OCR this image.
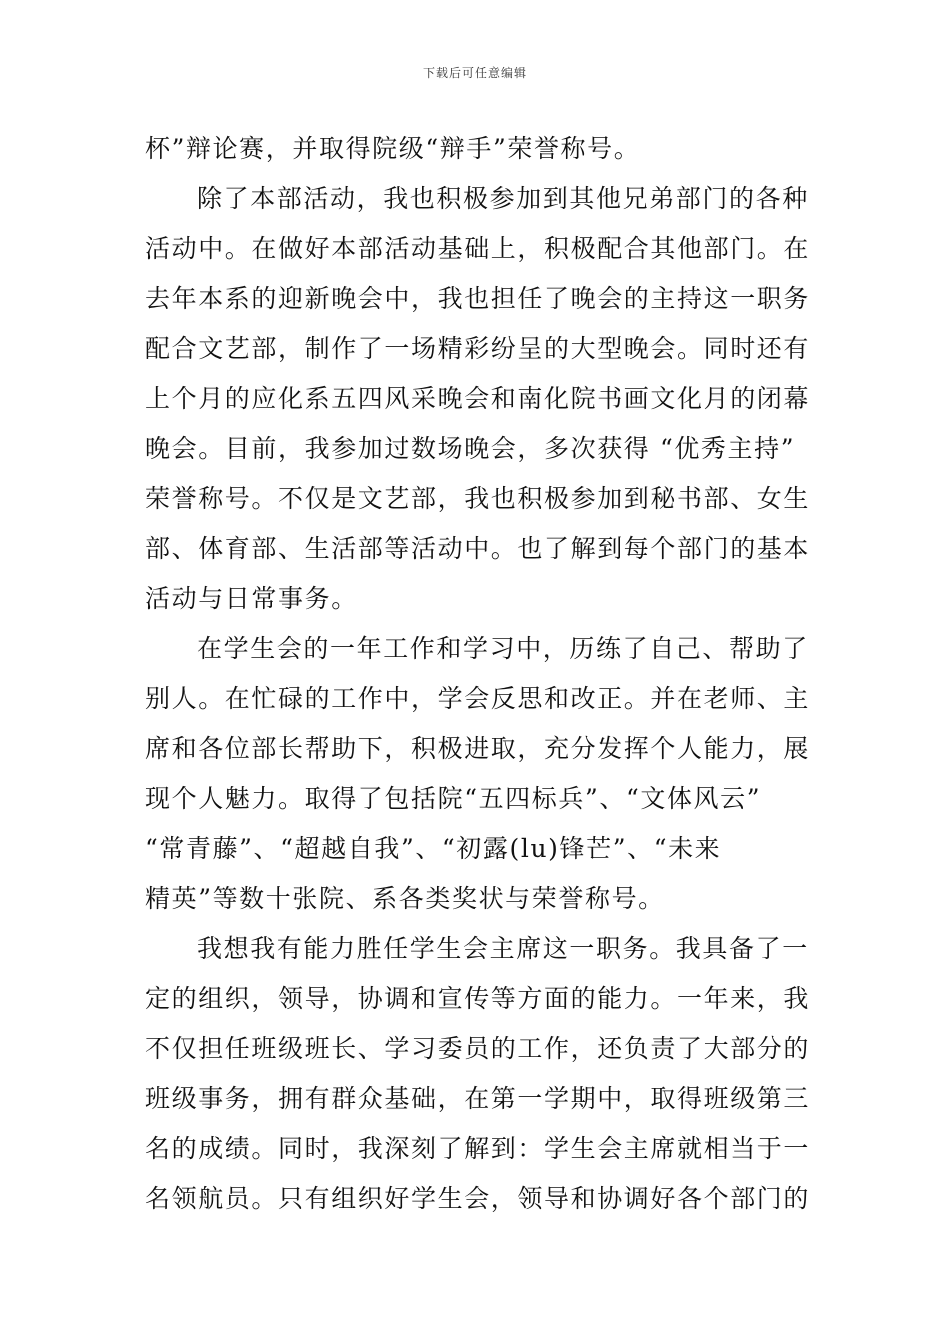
下载后可任意编辑
杯”辩论赛，并取得院级“辩手”荣誉称号。
除了本部活动，我也积极参加到其他兄弟部门的各种
活动中。在做好本部活动基础上，积极配合其他部门。在
去年本系的迎新晚会中，我也担任了晚会的主持这一职务
配合文艺部，制作了一场精彩纷呈的大型晚会。同时还有
上个月的应化系五四风采晚会和南化院书画文化月的闭幕
晚会。目前，我参加过数场晚会，多次获得 “优秀主持”
荣誉称号。不仅是文艺部，我也积极参加到秘书部、女生
部、体育部、生活部等活动中。也了解到每个部门的基本
活动与日常事务。
在学生会的一年工作和学习中，历练了自己、帮助了
别人。在忙碌的工作中，学会反思和改正。并在老师、主
席和各位部长帮助下，积极进取，充分发挥个人能力，展
现个人魅力。取得了包括院“五四标兵”、“文体风云”
“常青藤”、“超越自我”、“初露(lu)锋芒”、“未来
精英”等数十张院、系各类奖状与荣誉称号。
我想我有能力胜任学生会主席这一职务。我具备了一
定的组织，领导，协调和宣传等方面的能力。一年来，我
不仅担任班级班长、学习委员的工作，还负责了大部分的
班级事务，拥有群众基础，在第一学期中，取得班级第三
名的成绩。同时，我深刻了解到：学生会主席就相当于一
名领航员。只有组织好学生会，领导和协调好各个部门的
